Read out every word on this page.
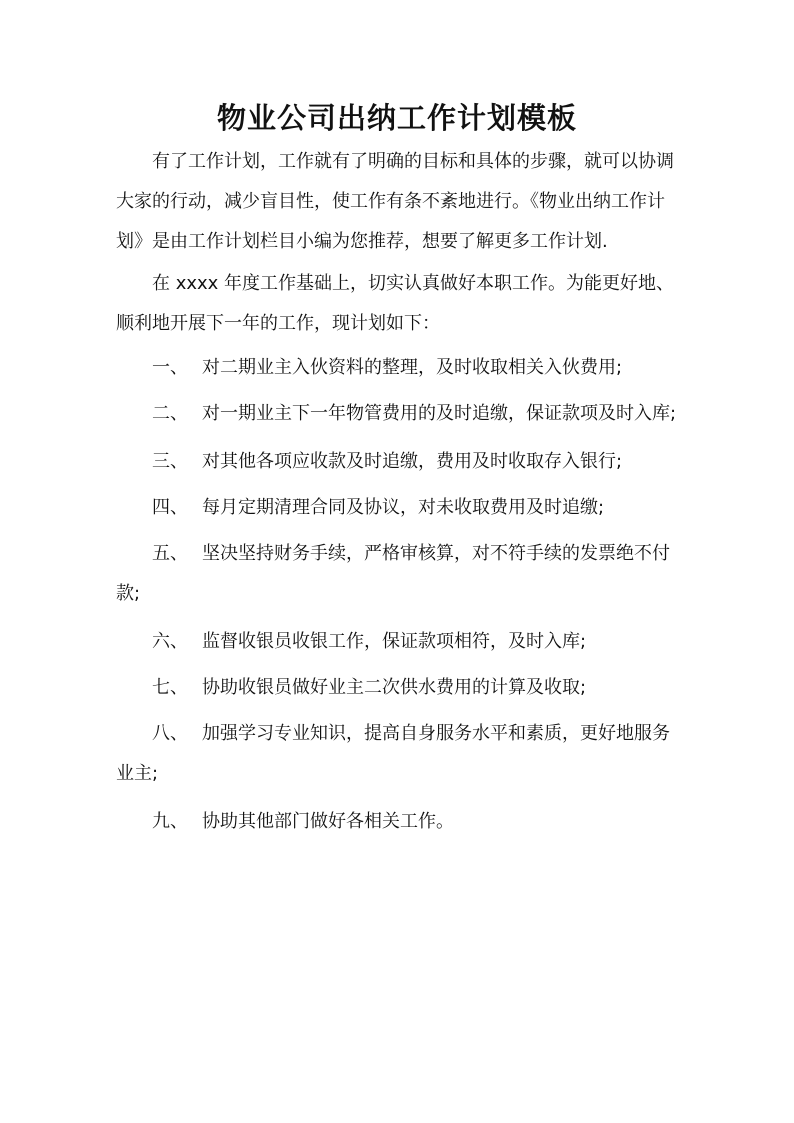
物业公司出纳工作计划模板

有了工作计划，工作就有了明确的目标和具体的步骤，就可以协调大家的行动，减少盲目性，使工作有条不紊地进行。《物业出纳工作计划》是由工作计划栏目小编为您推荐，想要了解更多工作计划.

在 xxxx 年度工作基础上，切实认真做好本职工作。为能更好地、顺利地开展下一年的工作，现计划如下：

一、 对二期业主入伙资料的整理，及时收取相关入伙费用;

二、 对一期业主下一年物管费用的及时追缴，保证款项及时入库;

三、 对其他各项应收款及时追缴，费用及时收取存入银行;

四、 每月定期清理合同及协议，对未收取费用及时追缴;

五、 坚决坚持财务手续，严格审核算，对不符手续的发票绝不付款;

六、 监督收银员收银工作，保证款项相符，及时入库;

七、 协助收银员做好业主二次供水费用的计算及收取;

八、 加强学习专业知识，提高自身服务水平和素质，更好地服务业主;

九、 协助其他部门做好各相关工作。
